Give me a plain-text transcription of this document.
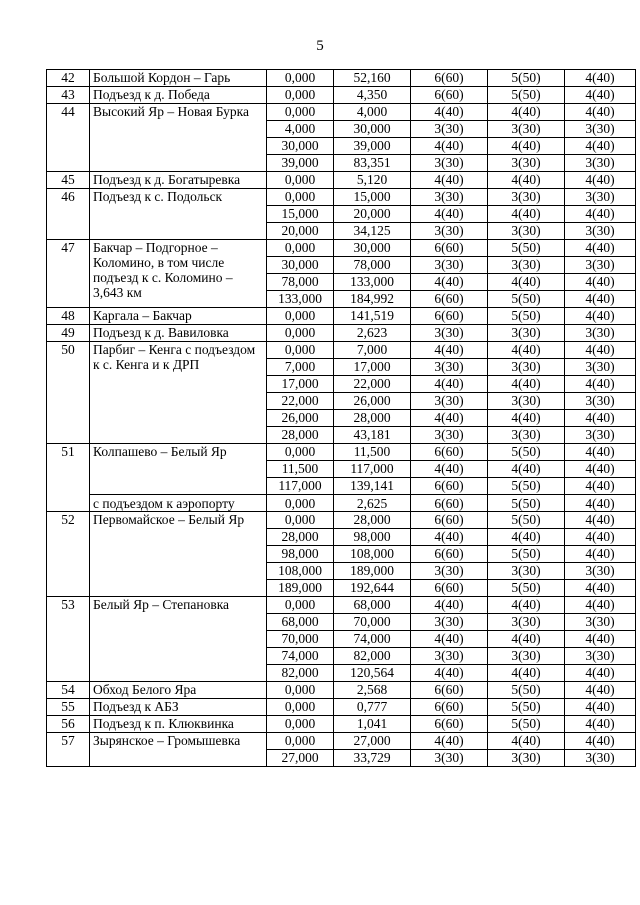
5
42	Большой Кордон – Гарь	0,000	52,160	6(60)	5(50)	4(40)
43	Подъезд к д. Победа	0,000	4,350	6(60)	5(50)	4(40)
44	Высокий Яр – Новая Бурка	0,000	4,000	4(40)	4(40)	4(40)
		4,000	30,000	3(30)	3(30)	3(30)
		30,000	39,000	4(40)	4(40)	4(40)
		39,000	83,351	3(30)	3(30)	3(30)
45	Подъезд к д. Богатыревка	0,000	5,120	4(40)	4(40)	4(40)
46	Подъезд к с. Подольск	0,000	15,000	3(30)	3(30)	3(30)
		15,000	20,000	4(40)	4(40)	4(40)
		20,000	34,125	3(30)	3(30)	3(30)
47	Бакчар – Подгорное – Коломино, в том числе подъезд к с. Коломино – 3,643 км	0,000	30,000	6(60)	5(50)	4(40)
		30,000	78,000	3(30)	3(30)	3(30)
		78,000	133,000	4(40)	4(40)	4(40)
		133,000	184,992	6(60)	5(50)	4(40)
48	Каргала – Бакчар	0,000	141,519	6(60)	5(50)	4(40)
49	Подъезд к д. Вавиловка	0,000	2,623	3(30)	3(30)	3(30)
50	Парбиг – Кенга с подъездом к с. Кенга и к ДРП	0,000	7,000	4(40)	4(40)	4(40)
		7,000	17,000	3(30)	3(30)	3(30)
		17,000	22,000	4(40)	4(40)	4(40)
		22,000	26,000	3(30)	3(30)	3(30)
		26,000	28,000	4(40)	4(40)	4(40)
		28,000	43,181	3(30)	3(30)	3(30)
51	Колпашево – Белый Яр	0,000	11,500	6(60)	5(50)	4(40)
		11,500	117,000	4(40)	4(40)	4(40)
		117,000	139,141	6(60)	5(50)	4(40)
	с подъездом к аэропорту	0,000	2,625	6(60)	5(50)	4(40)
52	Первомайское – Белый Яр	0,000	28,000	6(60)	5(50)	4(40)
		28,000	98,000	4(40)	4(40)	4(40)
		98,000	108,000	6(60)	5(50)	4(40)
		108,000	189,000	3(30)	3(30)	3(30)
		189,000	192,644	6(60)	5(50)	4(40)
53	Белый Яр – Степановка	0,000	68,000	4(40)	4(40)	4(40)
		68,000	70,000	3(30)	3(30)	3(30)
		70,000	74,000	4(40)	4(40)	4(40)
		74,000	82,000	3(30)	3(30)	3(30)
		82,000	120,564	4(40)	4(40)	4(40)
54	Обход Белого Яра	0,000	2,568	6(60)	5(50)	4(40)
55	Подъезд к АБЗ	0,000	0,777	6(60)	5(50)	4(40)
56	Подъезд к п. Клюквинка	0,000	1,041	6(60)	5(50)	4(40)
57	Зырянское – Громышевка	0,000	27,000	4(40)	4(40)	4(40)
		27,000	33,729	3(30)	3(30)	3(30)
